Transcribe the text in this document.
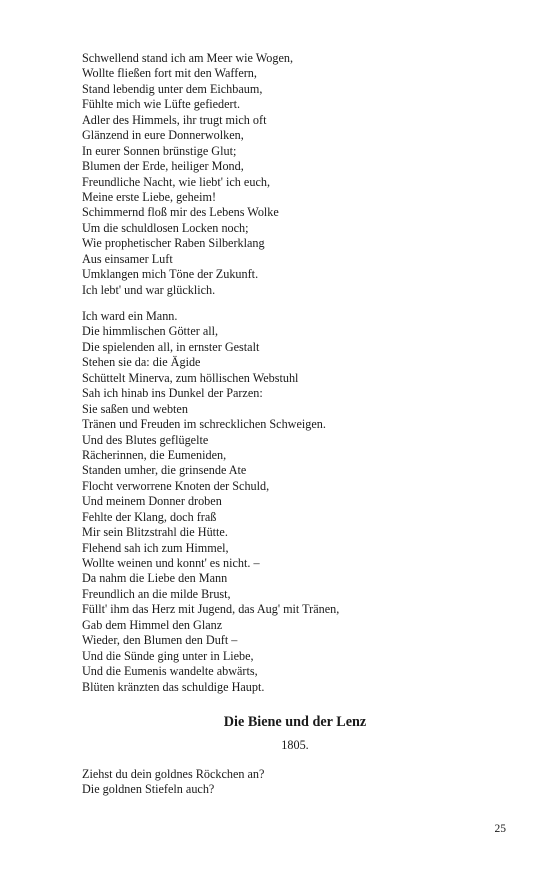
Schwellend stand ich am Meer wie Wogen,
Wollte fließen fort mit den Waffern,
Stand lebendig unter dem Eichbaum,
Fühlte mich wie Lüfte gefiedert.
Adler des Himmels, ihr trugt mich oft
Glänzend in eure Donnerwolken,
In eurer Sonnen brünstige Glut;
Blumen der Erde, heiliger Mond,
Freundliche Nacht, wie liebt' ich euch,
Meine erste Liebe, geheim!
Schimmernd floß mir des Lebens Wolke
Um die schuldlosen Locken noch;
Wie prophetischer Raben Silberklang
Aus einsamer Luft
Umklangen mich Töne der Zukunft.
Ich lebt' und war glücklich.
Ich ward ein Mann.
Die himmlischen Götter all,
Die spielenden all, in ernster Gestalt
Stehen sie da: die Ägide
Schüttelt Minerva, zum höllischen Webstuhl
Sah ich hinab ins Dunkel der Parzen:
Sie saßen und webten
Tränen und Freuden im schrecklichen Schweigen.
Und des Blutes geflügelte
Rächerinnen, die Eumeniden,
Standen umher, die grinsende Ate
Flocht verworrene Knoten der Schuld,
Und meinem Donner droben
Fehlte der Klang, doch fraß
Mir sein Blitzstrahl die Hütte.
Flehend sah ich zum Himmel,
Wollte weinen und konnt' es nicht. –
Da nahm die Liebe den Mann
Freundlich an die milde Brust,
Füllt' ihm das Herz mit Jugend, das Aug' mit Tränen,
Gab dem Himmel den Glanz
Wieder, den Blumen den Duft –
Und die Sünde ging unter in Liebe,
Und die Eumenis wandelte abwärts,
Blüten kränzten das schuldige Haupt.
Die Biene und der Lenz
1805.
Ziehst du dein goldnes Röckchen an?
Die goldnen Stiefeln auch?
25
